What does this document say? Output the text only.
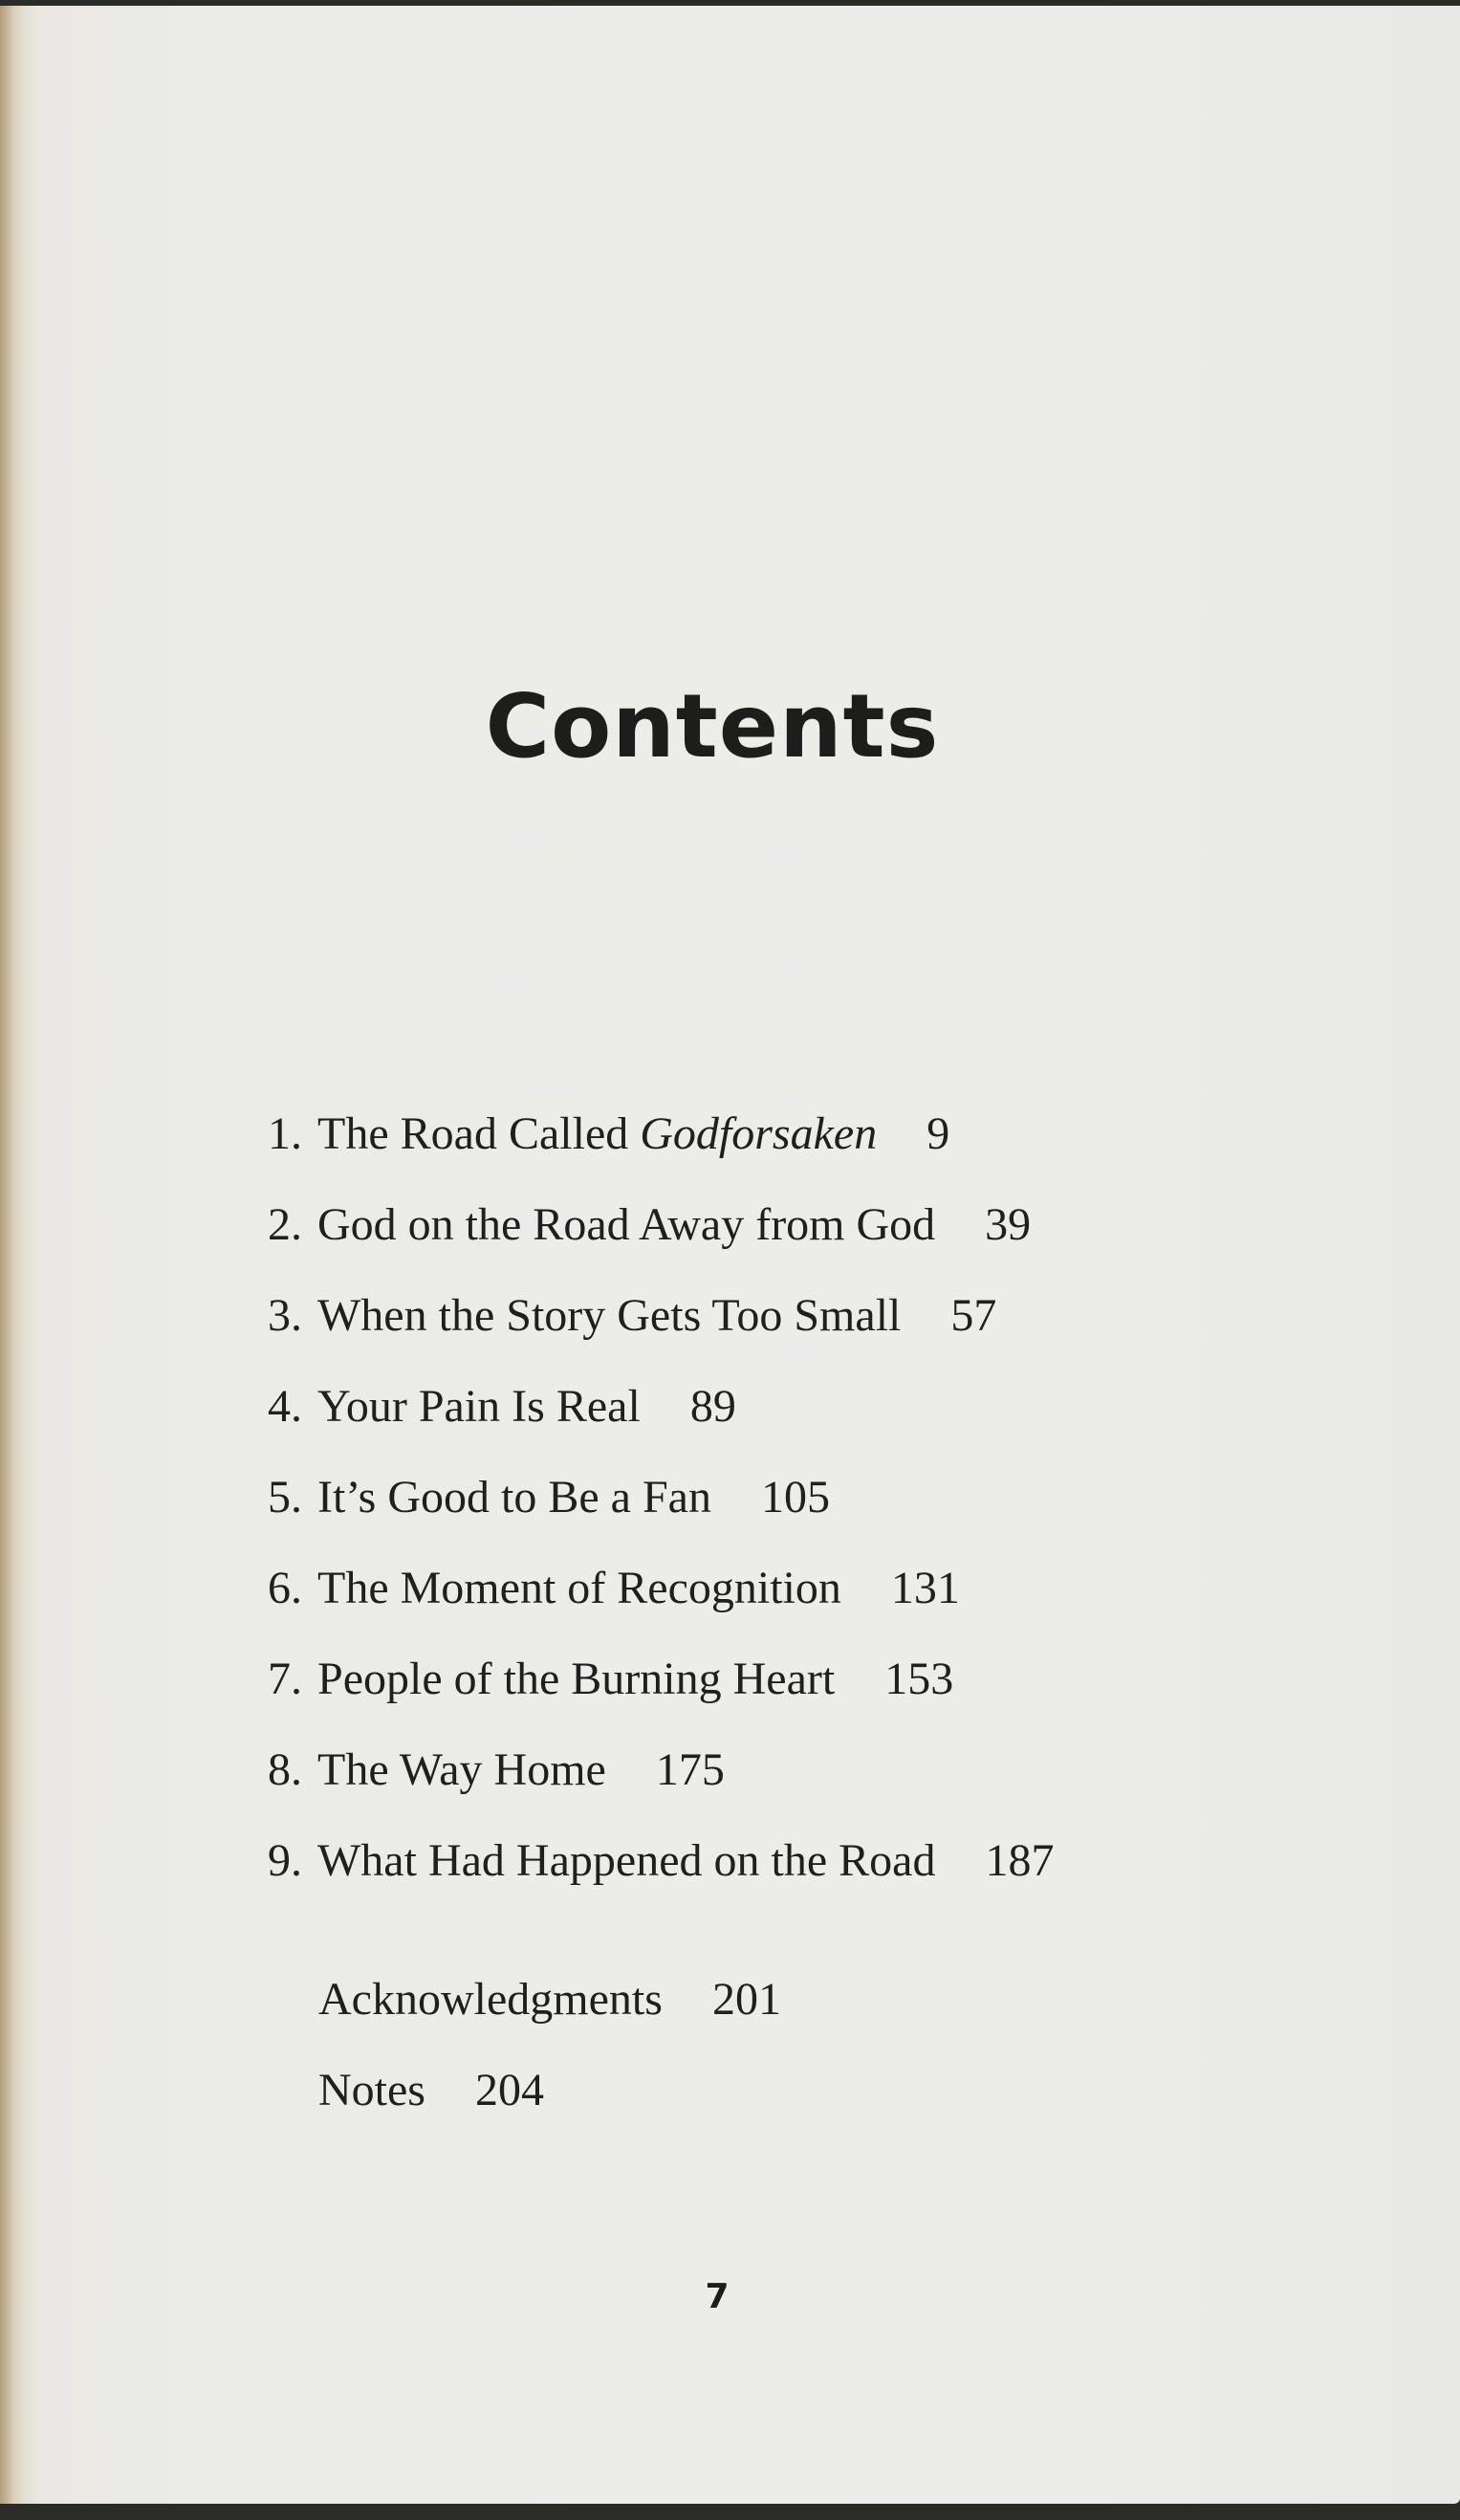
Contents
1. The Road Called Godforsaken 9
2. God on the Road Away from God 39
3. When the Story Gets Too Small 57
4. Your Pain Is Real 89
5. It’s Good to Be a Fan 105
6. The Moment of Recognition 131
7. People of the Burning Heart 153
8. The Way Home 175
9. What Had Happened on the Road 187
Acknowledgments 201
Notes 204
7
